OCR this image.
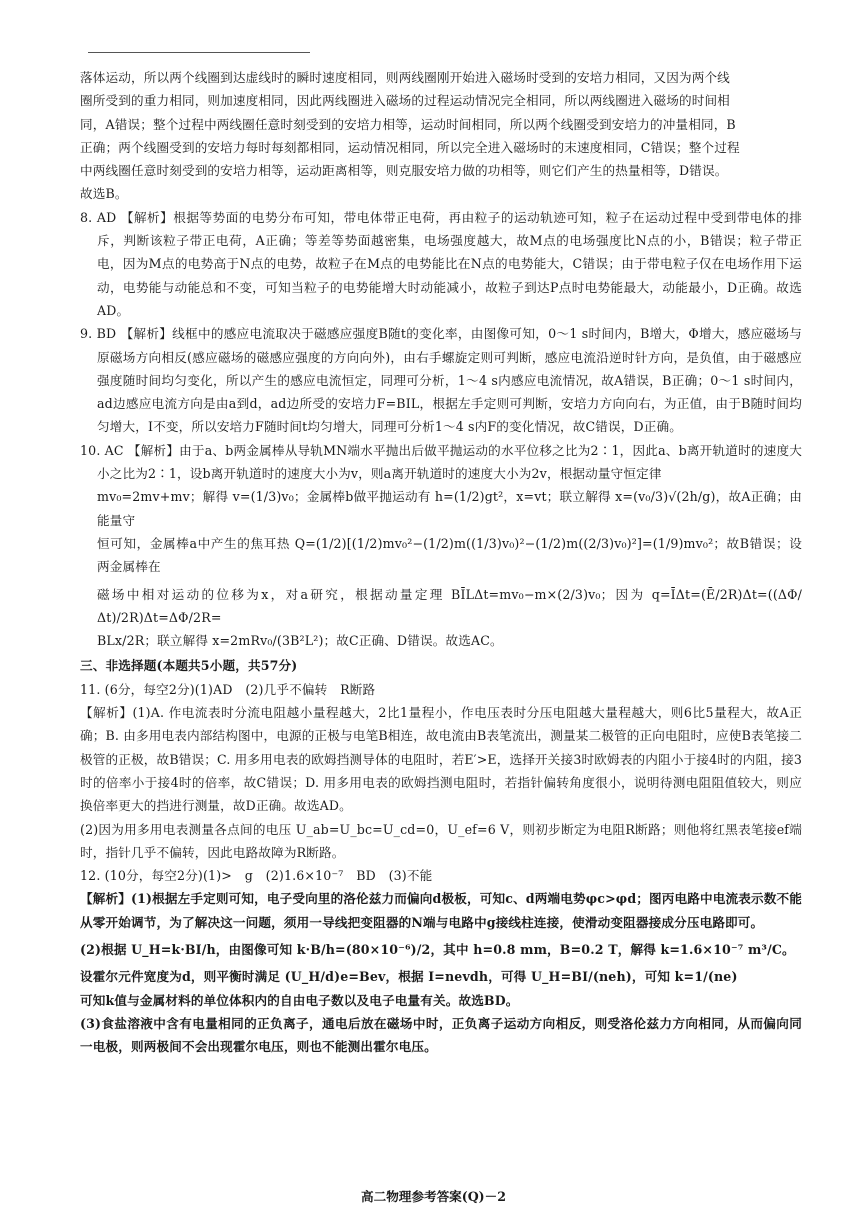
落体运动，所以两个线圈到达虚线时的瞬时速度相同，则两线圈刚开始进入磁场时受到的安培力相同，又因为两个线

圈所受到的重力相同，则加速度相同，因此两线圈进入磁场的过程运动情况完全相同，所以两线圈进入磁场的时间相

同，A错误；整个过程中两线圈任意时刻受到的安培力相等，运动时间相同，所以两个线圈受到安培力的冲量相同，B

正确；两个线圈受到的安培力每时每刻都相同，运动情况相同，所以完全进入磁场时的末速度相同，C错误；整个过程

中两线圈任意时刻受到的安培力相等，运动距离相等，则克服安培力做的功相等，则它们产生的热量相等，D错误。

故选B。

8. AD 【解析】根据等势面的电势分布可知，带电体带正电荷，再由粒子的运动轨迹可知，粒子在运动过程中受到带电体的排斥，判断该粒子带正电荷，A正确；等差等势面越密集，电场强度越大，故M点的电场强度比N点的小，B错误；粒子带正电，因为M点的电势高于N点的电势，故粒子在M点的电势能比在N点的电势能大，C错误；由于带电粒子仅在电场作用下运动，电势能与动能总和不变，可知当粒子的电势能增大时动能减小，故粒子到达P点时电势能最大，动能最小，D正确。故选AD。

9. BD 【解析】线框中的感应电流取决于磁感应强度B随t的变化率，由图像可知，0～1 s时间内，B增大，Φ增大，感应磁场与原磁场方向相反(感应磁场的磁感应强度的方向向外)，由右手螺旋定则可判断，感应电流沿逆时针方向，是负值，由于磁感应强度随时间均匀变化，所以产生的感应电流恒定，同理可分析，1～4 s内感应电流情况，故A错误，B正确；0～1 s时间内，ad边感应电流方向是由a到d，ad边所受的安培力F=BIL，根据左手定则可判断，安培力方向向右，为正值，由于B随时间均匀增大，I不变，所以安培力F随时间t均匀增大，同理可分析1～4 s内F的变化情况，故C错误，D正确。

10. AC 【解析】由于a、b两金属棒从导轨MN端水平抛出后做平抛运动的水平位移之比为2∶1，因此a、b离开轨道时的速度大小之比为2∶1，设b离开轨道时的速度大小为v，则a离开轨道时的速度大小为2v，根据动量守恒定律

mv₀=2mv+mv；解得 v=(1/3)v₀；金属棒b做平抛运动有 h=(1/2)gt²，x=vt；联立解得 x=(v₀/3)√(2h/g)，故A正确；由能量守

恒可知，金属棒a中产生的焦耳热 Q=(1/2)[(1/2)mv₀²−(1/2)m((1/3)v₀)²−(1/2)m((2/3)v₀)²]=(1/9)mv₀²；故B错误；设两金属棒在

磁场中相对运动的位移为x，对a研究，根据动量定理 BĪLΔt=mv₀−m×(2/3)v₀；因为 q=ĪΔt=(Ē/2R)Δt=((ΔΦ/Δt)/2R)Δt=ΔΦ/2R=

BLx/2R；联立解得 x=2mRv₀/(3B²L²)；故C正确、D错误。故选AC。

三、非选择题(本题共5小题，共57分)

11. (6分，每空2分)(1)AD　(2)几乎不偏转　R断路

【解析】(1)A. 作电流表时分流电阻越小量程越大，2比1量程小，作电压表时分压电阻越大量程越大，则6比5量程大，故A正确；B. 由多用电表内部结构图中，电源的正极与电笔B相连，故电流由B表笔流出，测量某二极管的正向电阻时，应使B表笔接二极管的正极，故B错误；C. 用多用电表的欧姆挡测导体的电阻时，若E′>E，选择开关接3时欧姆表的内阻小于接4时的内阻，接3时的倍率小于接4时的倍率，故C错误；D. 用多用电表的欧姆挡测电阻时，若指针偏转角度很小，说明待测电阻阻值较大，则应换倍率更大的挡进行测量，故D正确。故选AD。

(2)因为用多用电表测量各点间的电压 U_ab=U_bc=U_cd=0，U_ef=6 V，则初步断定为电阻R断路；则他将红黑表笔接ef端时，指针几乎不偏转，因此电路故障为R断路。

12. (10分，每空2分)(1)>　g　(2)1.6×10⁻⁷　BD　(3)不能

【解析】(1)根据左手定则可知，电子受向里的洛伦兹力而偏向d极板，可知c、d两端电势φc>φd；图丙电路中电流表示数不能从零开始调节，为了解决这一问题，须用一导线把变阻器的N端与电路中g接线柱连接，使滑动变阻器接成分压电路即可。

(2)根据 U_H=k·BI/h，由图像可知 k·B/h=(80×10⁻⁶)/2，其中 h=0.8 mm，B=0.2 T，解得 k=1.6×10⁻⁷ m³/C。

设霍尔元件宽度为d，则平衡时满足 (U_H/d)e=Bev，根据 I=nevdh，可得 U_H=BI/(neh)，可知 k=1/(ne)

可知k值与金属材料的单位体积内的自由电子数以及电子电量有关。故选BD。

(3)食盐溶液中含有电量相同的正负离子，通电后放在磁场中时，正负离子运动方向相反，则受洛伦兹力方向相同，从而偏向同一电极，则两极间不会出现霍尔电压，则也不能测出霍尔电压。

高二物理参考答案(Q)－2
